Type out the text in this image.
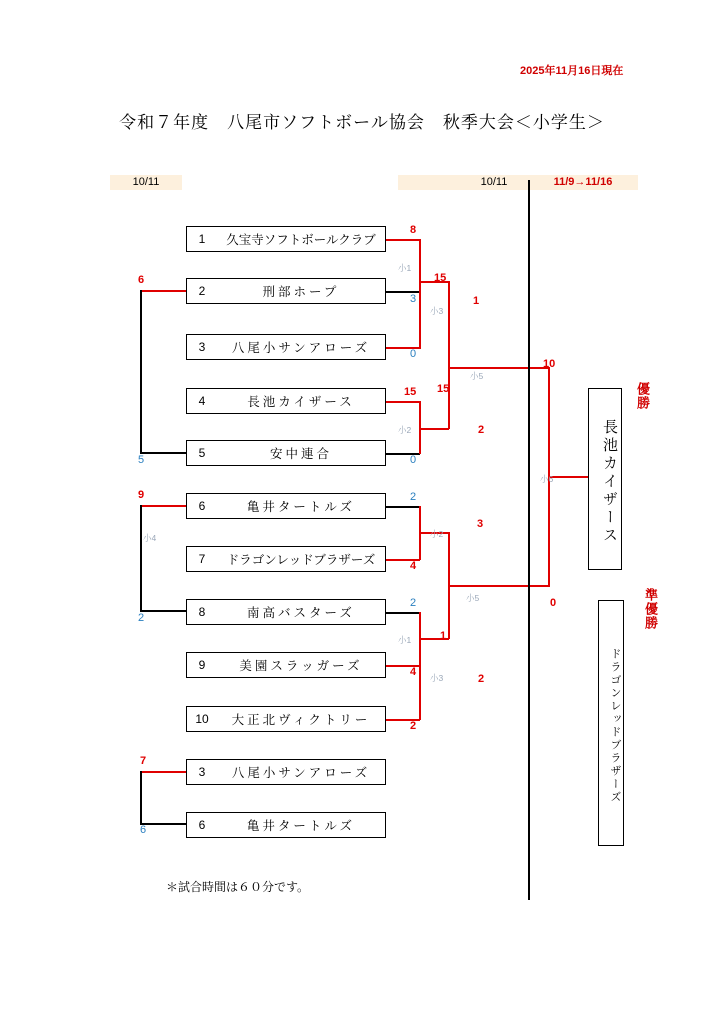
2025年11月16日現在
令和７年度　八尾市ソフトボール協会　秋季大会＜小学生＞
10/11	10/11	11/9→11/16
1	久宝寺ソフトボールクラブ
2	刑部ホープ
3	八尾小サンアローズ
4	長池カイザース
5	安中連合
6	亀井タートルズ
7	ドラゴンレッドブラザーズ
8	南高バスターズ
9	美園スラッガーズ
10	大正北ヴィクトリー
3	八尾小サンアローズ
6	亀井タートルズ
8
3
6
0
15
0
5
2
9
4
2
2
4
2
15
1
15
2
3
1
2
10
0
7
6
小1
小3
小2
小5
小4	小2
小5
小1
小3
小6	長池カイザース
優勝
ドラゴンレッドブラザーズ
準優勝
＊試合時間は６０分です。
